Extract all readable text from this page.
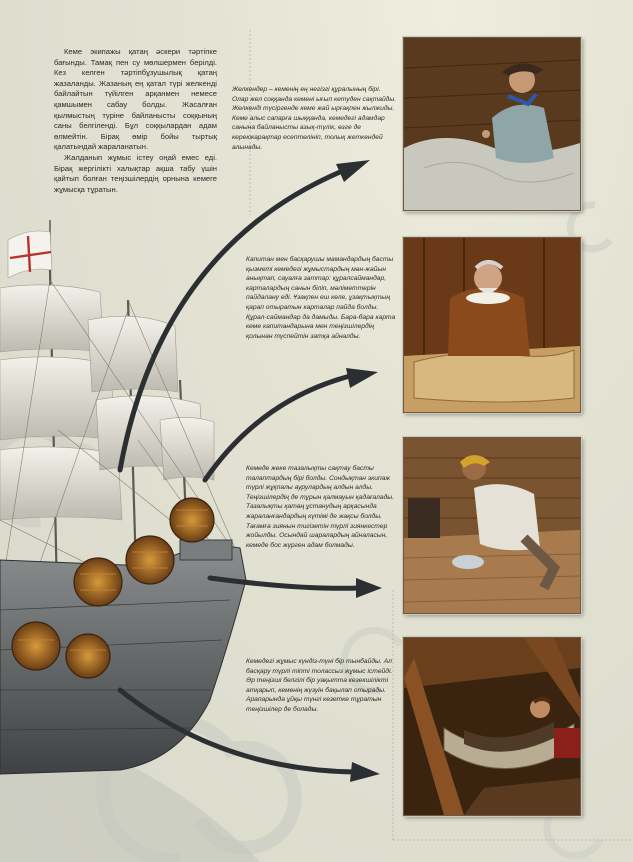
Кеме экипажы қатаң әскери тәртіпке бағынды. Тамақ пен су мөлшермен берілді. Кез келген тәртіпбұзушылық қатаң жазаланды. Жазаның ең қатал түрі желкенді байлайтын түйілген арқанмен немесе қамшымен сабау болды. Жасалған қылмыстың түріне байланысты соққының саны белгіленді. Бұл соққылардан адам өлмейтін. Бірақ өмір бойы тыртық қалатындай жараланатын.

Жалданып жұмыс істеу оңай емес еді. Бірақ жергілікті халықтар ақша табу үшін қайтып болған теңізшілердің орнына кемеге жұмысқа тұратын.

Желкендер – кеменің ең негізгі құралының бірі. Олар жел соққанда кемені ығып кетуден сақтайды. Желкенді түсіргенде кеме жай ырғақпен жылжиды. Кеме алыс сапарға шыққанда, кемедегі адамдар санына байланысты азық-түлік, өзге де керекжарақтар есептелініп, толық жеткендей алынады.
Капитан мен басқарушы мамандардың басты қызметі кемедегі жұмыстардың мән-жайын анықтап, сауалға заттар: құралсаймандар, карталардың санын біліп, мәліметтерін пайдалану еді. Ұзақпен еш келе, ұзақтықтың қарап отыратын карталар пайда болды. Құрал-саймандар да дамыды. Бара-бара карта кеме капитандарына мен теңізшілердің қолынан түспейтін затқа айналды.
Кемеде жеке тазалықты сақтау басты талаптардың бірі болды. Сондықтан экипаж түрлі жұқпалы аурулардың алдын алды. Теңізшілердің де тұрын қалмауын қадағалады. Тазалықты қатаң ұстанудың арқасында жараланғандардың күтімі де жақсы болды. Тағамға зиянын тигізетін түрлі зиянкестер жойылды. Осындай шаралардың айналасын, кемеде бос жүрген адам болмады.
Кемедегі жұмыс күндіз-түні бір тынбайды. Ал басқару түрлі тіпті толассыз жұмыс істейді. Әр теңізші белгілі бір уақытта кезекшілікті атқарып, кеменің жүзуін бақылап отырады. Арапарында ұйқы түнгі кезетке тұратын теңізшілер де болады.
